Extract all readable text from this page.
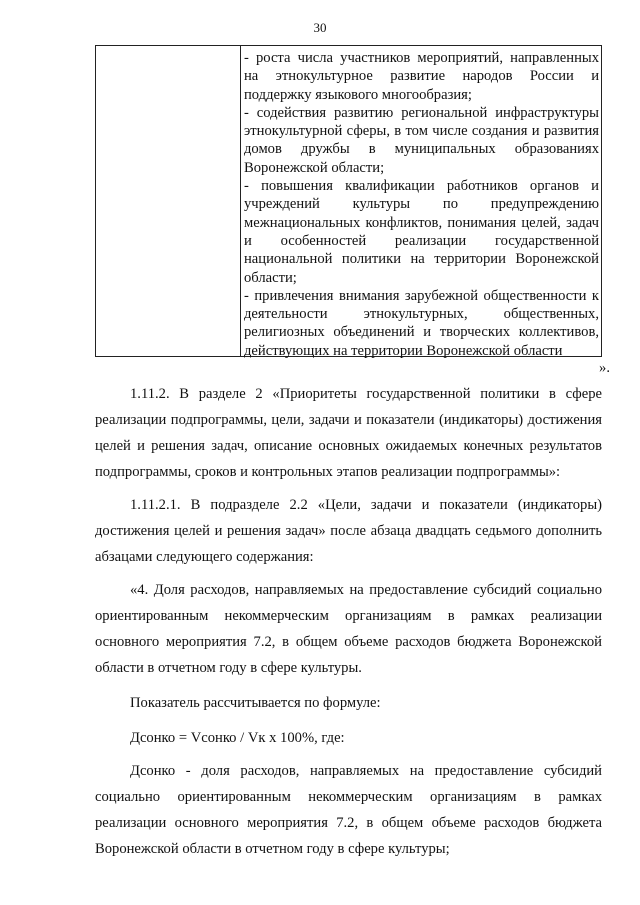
30

- роста числа участников мероприятий, направленных на этнокультурное развитие народов России и поддержку языкового многообразия;

- содействия развитию региональной инфраструктуры этнокультурной сферы, в том числе создания и развития домов дружбы в муниципальных образованиях Воронежской области;

- повышения квалификации работников органов и учреждений культуры по предупреждению межнациональных конфликтов, понимания целей, задач и особенностей реализации государственной национальной политики на территории Воронежской области;

- привлечения внимания зарубежной общественности к деятельности этнокультурных, общественных, религиозных объединений и творческих коллективов, действующих на территории Воронежской области

».

1.11.2. В разделе 2 «Приоритеты государственной политики в сфере реализации подпрограммы, цели, задачи и показатели (индикаторы) достижения целей и решения задач, описание основных ожидаемых конечных результатов подпрограммы, сроков и контрольных этапов реализации подпрограммы»:

1.11.2.1. В подразделе 2.2 «Цели, задачи и показатели (индикаторы) достижения целей и решения задач» после абзаца двадцать седьмого дополнить абзацами следующего содержания:

«4. Доля расходов, направляемых на предоставление субсидий социально ориентированным некоммерческим организациям в рамках реализации основного мероприятия 7.2, в общем объеме расходов бюджета Воронежской области в отчетном году в сфере культуры.

Показатель рассчитывается по формуле:

Дсонко = Vсонко / Vк x 100%, где:

Дсонко - доля расходов, направляемых на предоставление субсидий социально ориентированным некоммерческим организациям в рамках реализации основного мероприятия 7.2, в общем объеме расходов бюджета Воронежской области в отчетном году в сфере культуры;
